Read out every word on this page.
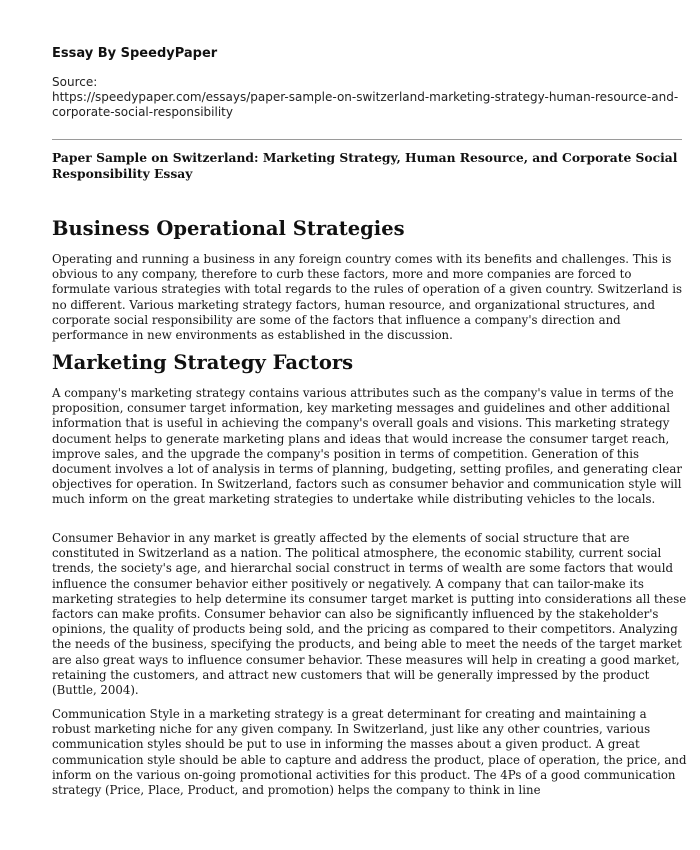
Essay By SpeedyPaper
Source:
https://speedypaper.com/essays/paper-sample-on-switzerland-marketing-strategy-human-resource-and-corporate-social-responsibility
Paper Sample on Switzerland: Marketing Strategy, Human Resource, and Corporate Social Responsibility Essay
Business Operational Strategies

Operating and running a business in any foreign country comes with its benefits and challenges. This is obvious to any company, therefore to curb these factors, more and more companies are forced to formulate various strategies with total regards to the rules of operation of a given country. Switzerland is no different. Various marketing strategy factors, human resource, and organizational structures, and corporate social responsibility are some of the factors that influence a company's direction and performance in new environments as established in the discussion.

Marketing Strategy Factors

A company's marketing strategy contains various attributes such as the company's value in terms of the proposition, consumer target information, key marketing messages and guidelines and other additional information that is useful in achieving the company's overall goals and visions. This marketing strategy document helps to generate marketing plans and ideas that would increase the consumer target reach, improve sales, and the upgrade the company's position in terms of competition. Generation of this document involves a lot of analysis in terms of planning, budgeting, setting profiles, and generating clear objectives for operation. In Switzerland, factors such as consumer behavior and communication style will much inform on the great marketing strategies to undertake while distributing vehicles to the locals.

Consumer Behavior in any market is greatly affected by the elements of social structure that are constituted in Switzerland as a nation. The political atmosphere, the economic stability, current social trends, the society's age, and hierarchal social construct in terms of wealth are some factors that would influence the consumer behavior either positively or negatively. A company that can tailor-make its marketing strategies to help determine its consumer target market is putting into considerations all these factors can make profits. Consumer behavior can also be significantly influenced by the stakeholder's opinions, the quality of products being sold, and the pricing as compared to their competitors. Analyzing the needs of the business, specifying the products, and being able to meet the needs of the target market are also great ways to influence consumer behavior. These measures will help in creating a good market, retaining the customers, and attract new customers that will be generally impressed by the product (Buttle, 2004).

Communication Style in a marketing strategy is a great determinant for creating and maintaining a robust marketing niche for any given company. In Switzerland, just like any other countries, various communication styles should be put to use in informing the masses about a given product. A great communication style should be able to capture and address the product, place of operation, the price, and inform on the various on-going promotional activities for this product. The 4Ps of a good communication strategy (Price, Place, Product, and promotion) helps the company to think in line
